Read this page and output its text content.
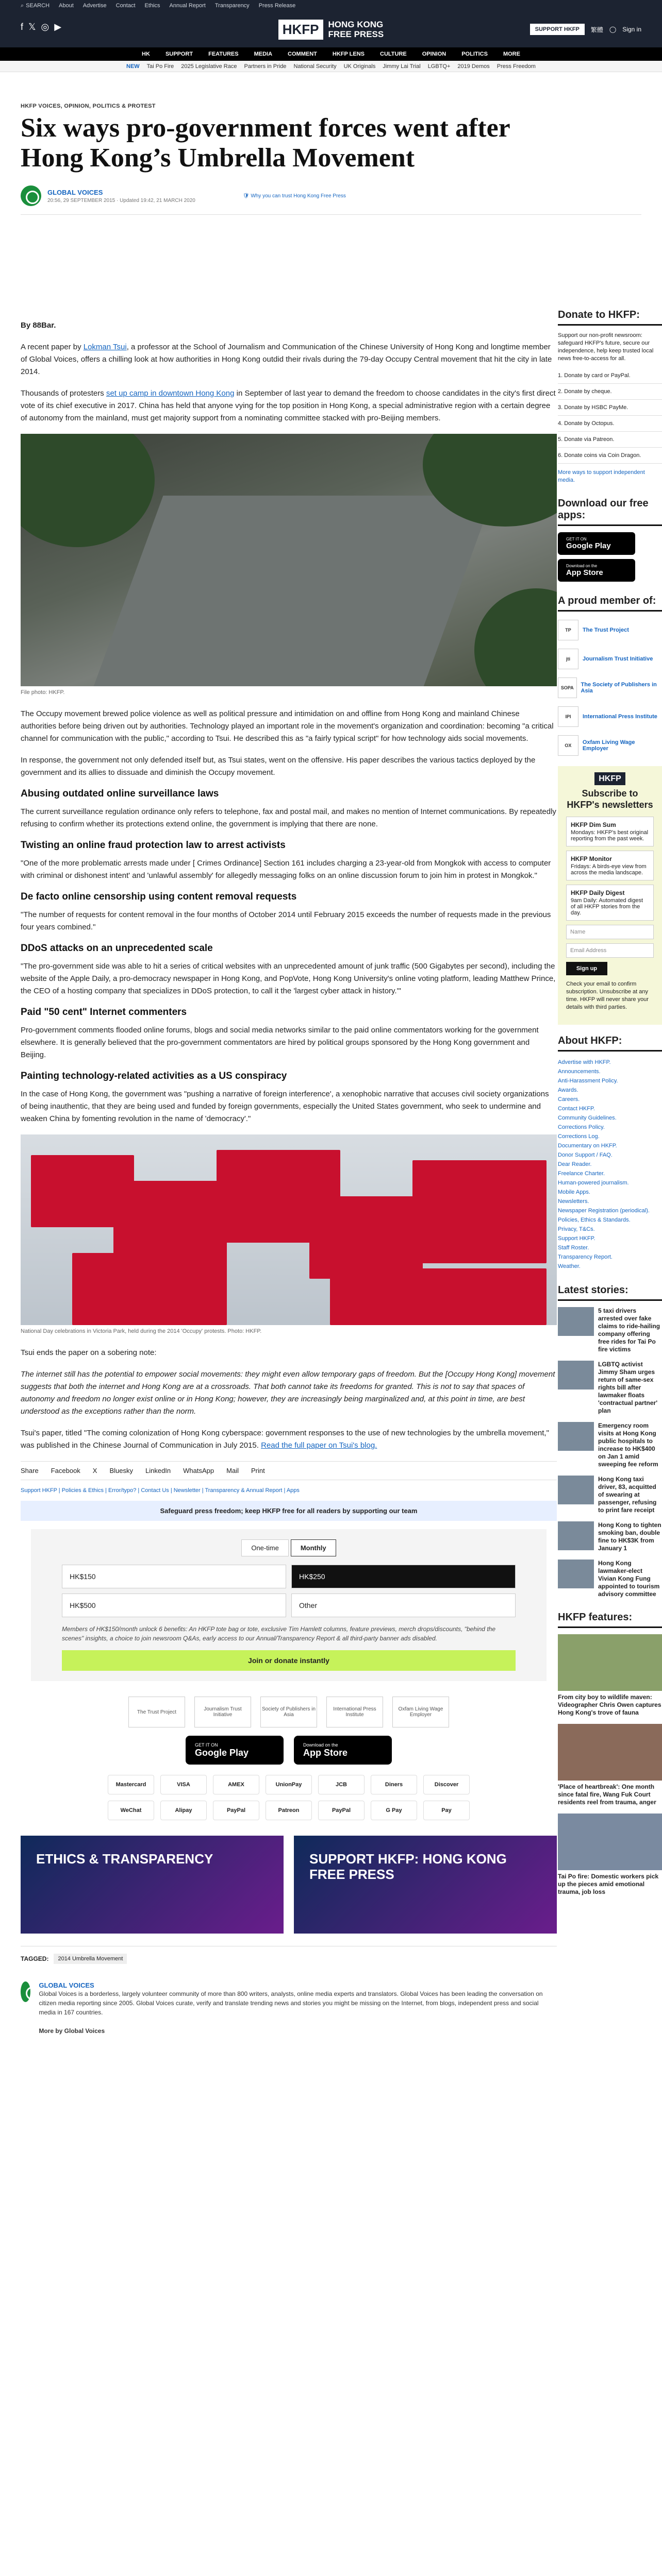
⌕ SEARCH About Advertise Contact Ethics Annual Report Transparency Press Release
f 𝕏 ◎ ▶	HKFP	HONG KONG
FREE PRESS	SUPPORT HKFP	繁體 ◯ Sign in
HK	SUPPORT	FEATURES	MEDIA	COMMENT	HKFP LENS	CULTURE	OPINION	POLITICS	MORE
NEW Tai Po Fire 2025 Legislative Race Partners in Pride National Security UK Originals Jimmy Lai Trial LGBTQ+ 2019 Demos Press Freedom
HKFP VOICES, OPINION, POLITICS & PROTEST
Six ways pro-government forces went after Hong Kong’s Umbrella Movement
GLOBAL VOICES
20:56, 29 SEPTEMBER 2015 · Updated 19:42, 21 MARCH 2020
🛡 Why you can trust Hong Kong Free Press

By 88Bar.

A recent paper by Lokman Tsui, a professor at the School of Journalism and Communication of the Chinese University of Hong Kong and longtime member of Global Voices, offers a chilling look at how authorities in Hong Kong outdid their rivals during the 79-day Occupy Central movement that hit the city in late 2014.

Thousands of protesters set up camp in downtown Hong Kong in September of last year to demand the freedom to choose candidates in the city's first direct vote of its chief executive in 2017. China has held that anyone vying for the top position in Hong Kong, a special administrative region with a certain degree of autonomy from the mainland, must get majority support from a nominating committee stacked with pro-Beijing members.

File photo: HKFP.

The Occupy movement brewed police violence as well as political pressure and intimidation on and offline from Hong Kong and mainland Chinese authorities before being driven out by authorities. Technology played an important role in the movement's organization and coordination: becoming "a critical channel for communication with the public," according to Tsui. He described this as "a fairly typical script" for how technology aids social movements.

In response, the government not only defended itself but, as Tsui states, went on the offensive. His paper describes the various tactics deployed by the government and its allies to dissuade and diminish the Occupy movement.

Abusing outdated online surveillance laws

The current surveillance regulation ordinance only refers to telephone, fax and postal mail, and makes no mention of Internet communications. By repeatedly refusing to confirm whether its protections extend online, the government is implying that there are none.

Twisting an online fraud protection law to arrest activists

"One of the more problematic arrests made under [ Crimes Ordinance] Section 161 includes charging a 23-year-old from Mongkok with access to computer with criminal or dishonest intent' and 'unlawful assembly' for allegedly messaging folks on an online discussion forum to join him in protest in Mongkok."

De facto online censorship using content removal requests

"The number of requests for content removal in the four months of October 2014 until February 2015 exceeds the number of requests made in the previous four years combined."

DDoS attacks on an unprecedented scale

"The pro-government side was able to hit a series of critical websites with an unprecedented amount of junk traffic (500 Gigabytes per second), including the website of the Apple Daily, a pro-democracy newspaper in Hong Kong, and PopVote, Hong Kong University's online voting platform, leading Matthew Prince, the CEO of a hosting company that specializes in DDoS protection, to call it the 'largest cyber attack in history.'"

Paid "50 cent" Internet commenters

Pro-government comments flooded online forums, blogs and social media networks similar to the paid online commentators working for the government elsewhere. It is generally believed that the pro-government commentators are hired by political groups sponsored by the Hong Kong government and Beijing.

Painting technology-related activities as a US conspiracy

In the case of Hong Kong, the government was "pushing a narrative of foreign interference', a xenophobic narrative that accuses civil society organizations of being inauthentic, that they are being used and funded by foreign governments, especially the United States government, who seek to undermine and weaken China by fomenting revolution in the name of 'democracy'."

National Day celebrations in Victoria Park, held during the 2014 'Occupy' protests. Photo: HKFP.

Tsui ends the paper on a sobering note:

The internet still has the potential to empower social movements: they might even allow temporary gaps of freedom. But the [Occupy Hong Kong] movement suggests that both the internet and Hong Kong are at a crossroads. That both cannot take its freedoms for granted. This is not to say that spaces of autonomy and freedom no longer exist online or in Hong Kong; however, they are increasingly being marginalized and, at this point in time, are best understood as the exceptions rather than the norm.

Tsui's paper, titled "The coming colonization of Hong Kong cyberspace: government responses to the use of new technologies by the umbrella movement," was published in the Chinese Journal of Communication in July 2015. Read the full paper on Tsui's blog.

Share Facebook X Bluesky LinkedIn WhatsApp Mail Print
Support HKFP | Policies & Ethics | Error/typo? | Contact Us | Newsletter | Transparency & Annual Report | Apps
Safeguard press freedom; keep HKFP free for all readers by supporting our team
One-time	Monthly
HK$150	HK$250
HK$500	Other
Members of HK$150/month unlock 6 benefits: An HKFP tote bag or tote, exclusive Tim Hamlett columns, feature previews, merch drops/discounts, "behind the scenes" insights, a choice to join newsroom Q&As, early access to our Annual/Transparency Report & all third-party banner ads disabled.
Join or donate instantly
The Trust Project	Journalism Trust Initiative
Society of Publishers in Asia
International Press Institute
Oxfam Living Wage Employer
GET IT ON
Google Play
Download on the
App Store
Mastercard	VISA	AMEX	UnionPay	JCB	Diners	Discover
WeChat	Alipay	PayPal	Patreon	PayPal	G Pay	Pay
ETHICS & TRANSPARENCY	SUPPORT HKFP: HONG KONG FREE PRESS
TAGGED:	2014 Umbrella Movement
GLOBAL VOICES

Global Voices is a borderless, largely volunteer community of more than 800 writers, analysts, online media experts and translators. Global Voices has been leading the conversation on citizen media reporting since 2005. Global Voices curate, verify and translate trending news and stories you might be missing on the Internet, from blogs, independent press and social media in 167 countries.

More by Global Voices

Donate to HKFP:

Support our non-profit newsroom: safeguard HKFP's future, secure our independence, help keep trusted local news free-to-access for all.

1. Donate by card or PayPal.
2. Donate by cheque.
3. Donate by HSBC PayMe.
4. Donate by Octopus.
5. Donate via Patreon.
6. Donate coins via Coin Dragon.

More ways to support independent media.

Download our free apps:
GET IT ON
Google Play
Download on the
App Store
A proud member of:
TP	The Trust Project
jti	Journalism Trust Initiative
SOPA	The Society of Publishers in Asia
IPI	International Press Institute
OX	Oxfam Living Wage Employer
HKFP
Subscribe to HKFP's newsletters
HKFP Dim Sum
Mondays: HKFP's best original reporting from the past week.
HKFP Monitor
Fridays: A birds-eye view from across the media landscape.
HKFP Daily Digest
9am Daily: Automated digest of all HKFP stories from the day.
Name
Email Address
Sign up

Check your email to confirm subscription. Unsubscribe at any time. HKFP will never share your details with third parties.

About HKFP:
Advertise with HKFP.
Announcements.
Anti-Harassment Policy.
Awards.
Careers.
Contact HKFP.
Community Guidelines.
Corrections Policy.
Corrections Log.
Documentary on HKFP.
Donor Support / FAQ.
Dear Reader.
Freelance Charter.
Human-powered journalism.
Mobile Apps.
Newsletters.
Newspaper Registration (periodical).
Policies, Ethics & Standards.
Privacy, T&Cs.
Support HKFP.
Staff Roster.
Transparency Report.
Weather.
Latest stories:
5 taxi drivers arrested over fake claims to ride-hailing company offering free rides for Tai Po fire victims
LGBTQ activist Jimmy Sham urges return of same-sex rights bill after lawmaker floats 'contractual partner' plan
Emergency room visits at Hong Kong public hospitals to increase to HK$400 on Jan 1 amid sweeping fee reform
Hong Kong taxi driver, 83, acquitted of swearing at passenger, refusing to print fare receipt
Hong Kong to tighten smoking ban, double fine to HK$3K from January 1
Hong Kong lawmaker-elect Vivian Kong Fung appointed to tourism advisory committee
HKFP features:
From city boy to wildlife maven: Videographer Chris Owen captures Hong Kong's trove of fauna
'Place of heartbreak': One month since fatal fire, Wang Fuk Court residents reel from trauma, anger
Tai Po fire: Domestic workers pick up the pieces amid emotional trauma, job loss
